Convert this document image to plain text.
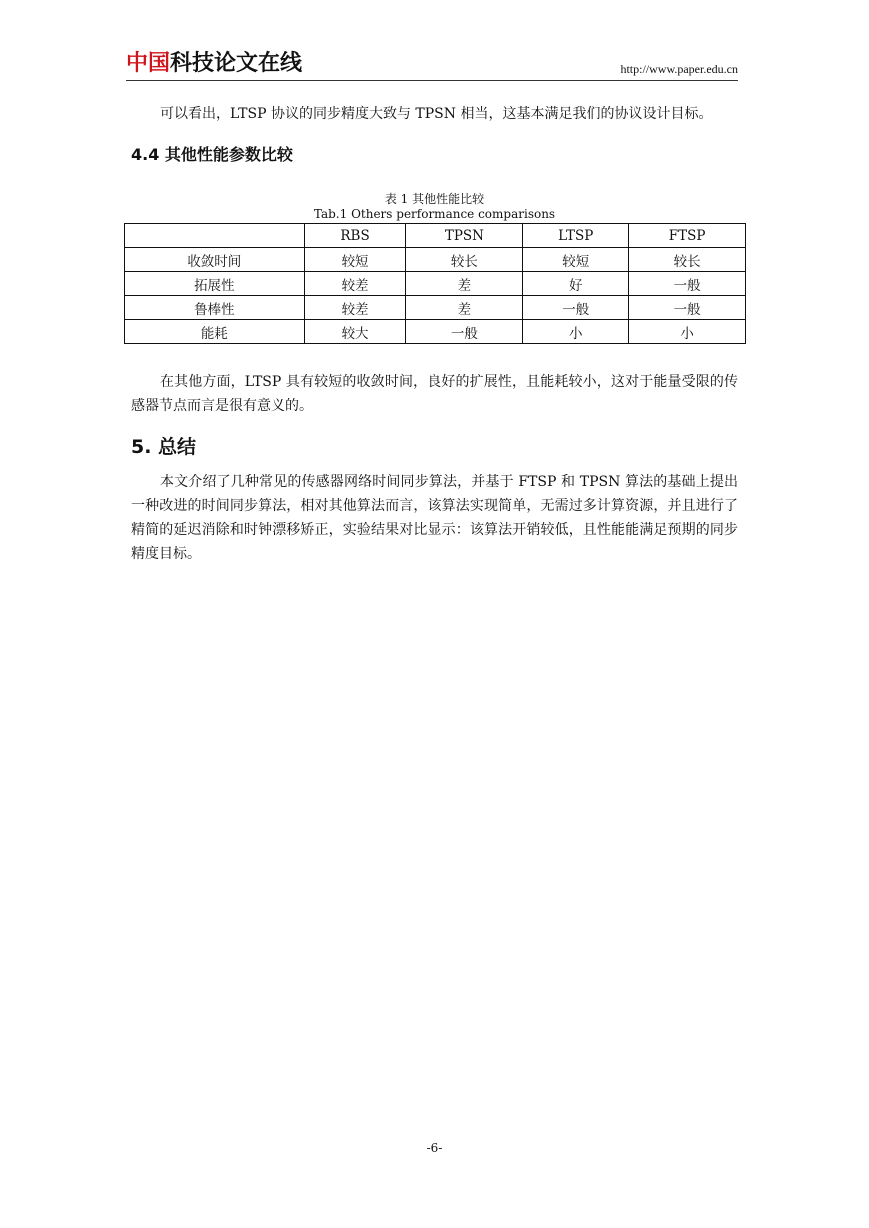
中国科技论文在线	http://www.paper.edu.cn
可以看出，LTSP 协议的同步精度大致与 TPSN 相当，这基本满足我们的协议设计目标。
4.4 其他性能参数比较
表 1 其他性能比较
Tab.1 Others performance comparisons
	RBS	TPSN	LTSP	FTSP
收敛时间	较短	较长	较短	较长
拓展性	较差	差	好	一般
鲁棒性	较差	差	一般	一般
能耗	较大	一般	小	小
在其他方面，LTSP 具有较短的收敛时间，良好的扩展性，且能耗较小，这对于能量受限的传感器节点而言是很有意义的。
5. 总结
本文介绍了几种常见的传感器网络时间同步算法，并基于 FTSP 和 TPSN 算法的基础上提出一种改进的时间同步算法，相对其他算法而言，该算法实现简单，无需过多计算资源，并且进行了精简的延迟消除和时钟漂移矫正，实验结果对比显示：该算法开销较低，且性能能满足预期的同步精度目标。
-6-
